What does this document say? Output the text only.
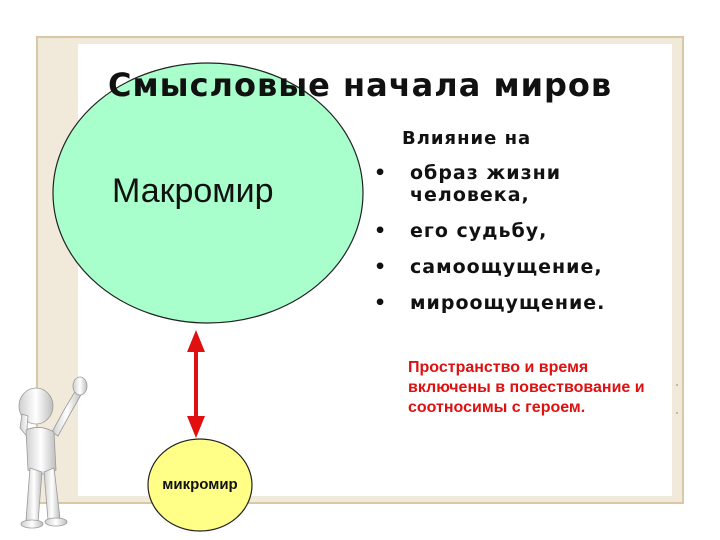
Смысловые начала миров
Макромир
микромир
Влияние на
• образ жизни человека,
• его судьбу,
• самоощущение,
• мироощущение.
Пространство и время включены в повествование и соотносимы с героем.
